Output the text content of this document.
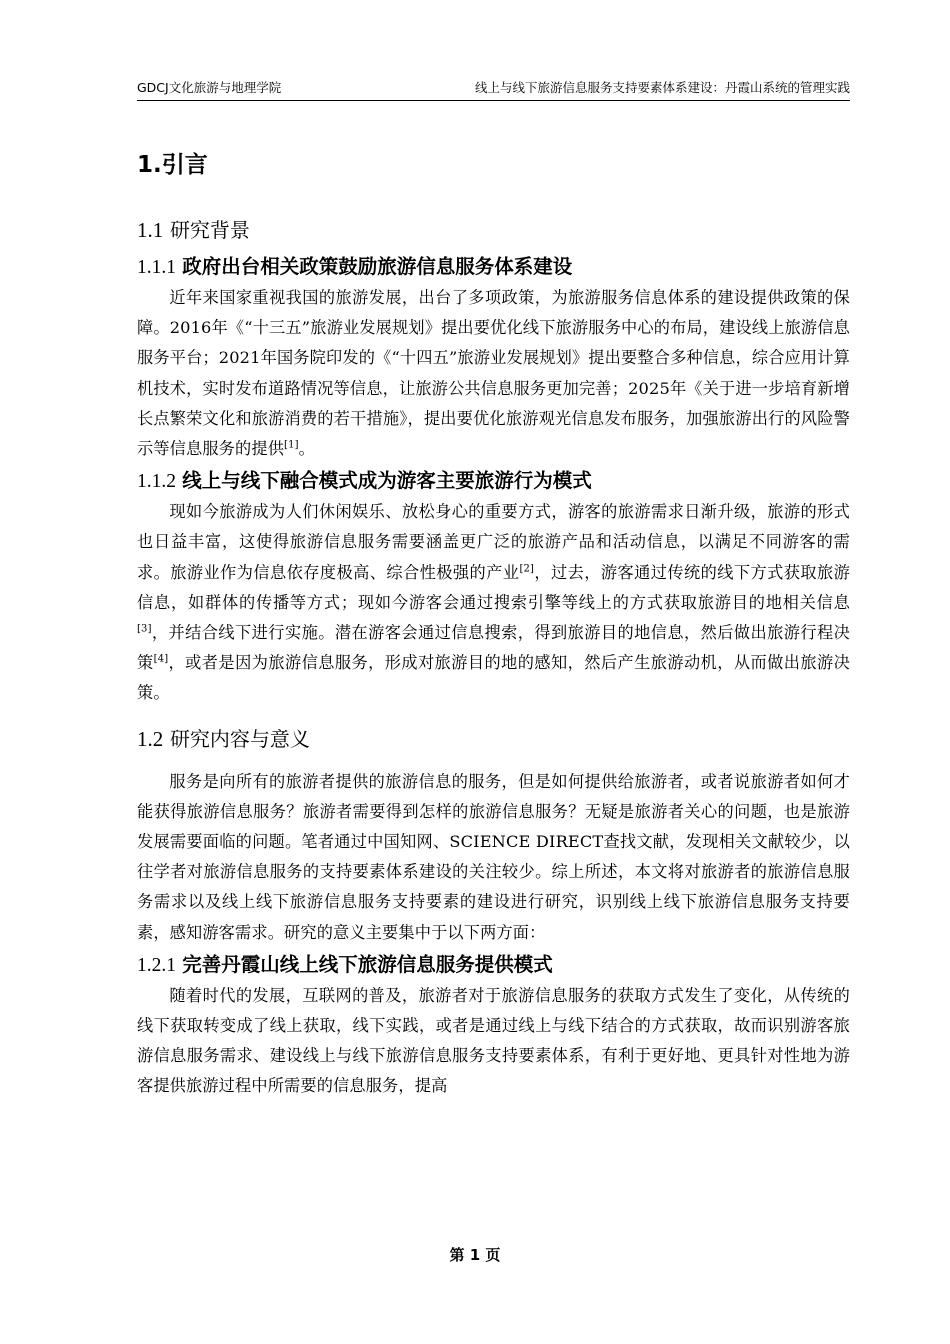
GDCJ文化旅游与地理学院	线上与线下旅游信息服务支持要素体系建设：丹霞山系统的管理实践
1.引言
1.1 研究背景
1.1.1 政府出台相关政策鼓励旅游信息服务体系建设

近年来国家重视我国的旅游发展，出台了多项政策，为旅游服务信息体系的建设提供政策的保障。2016年《“十三五”旅游业发展规划》提出要优化线下旅游服务中心的布局，建设线上旅游信息服务平台；2021年国务院印发的《“十四五”旅游业发展规划》提出要整合多种信息，综合应用计算机技术，实时发布道路情况等信息，让旅游公共信息服务更加完善；2025年《关于进一步培育新增长点繁荣文化和旅游消费的若干措施》，提出要优化旅游观光信息发布服务，加强旅游出行的风险警示等信息服务的提供[1]。

1.1.2 线上与线下融合模式成为游客主要旅游行为模式

现如今旅游成为人们休闲娱乐、放松身心的重要方式，游客的旅游需求日渐升级，旅游的形式也日益丰富，这使得旅游信息服务需要涵盖更广泛的旅游产品和活动信息，以满足不同游客的需求。旅游业作为信息依存度极高、综合性极强的产业[2]，过去，游客通过传统的线下方式获取旅游信息，如群体的传播等方式；现如今游客会通过搜索引擎等线上的方式获取旅游目的地相关信息[3]，并结合线下进行实施。潜在游客会通过信息搜索，得到旅游目的地信息，然后做出旅游行程决策[4]，或者是因为旅游信息服务，形成对旅游目的地的感知，然后产生旅游动机，从而做出旅游决策。

1.2 研究内容与意义

服务是向所有的旅游者提供的旅游信息的服务，但是如何提供给旅游者，或者说旅游者如何才能获得旅游信息服务？旅游者需要得到怎样的旅游信息服务？无疑是旅游者关心的问题，也是旅游发展需要面临的问题。笔者通过中国知网、SCIENCE DIRECT查找文献，发现相关文献较少，以往学者对旅游信息服务的支持要素体系建设的关注较少。综上所述，本文将对旅游者的旅游信息服务需求以及线上线下旅游信息服务支持要素的建设进行研究，识别线上线下旅游信息服务支持要素，感知游客需求。研究的意义主要集中于以下两方面：

1.2.1 完善丹霞山线上线下旅游信息服务提供模式

随着时代的发展，互联网的普及，旅游者对于旅游信息服务的获取方式发生了变化，从传统的线下获取转变成了线上获取，线下实践，或者是通过线上与线下结合的方式获取，故而识别游客旅游信息服务需求、建设线上与线下旅游信息服务支持要素体系，有利于更好地、更具针对性地为游客提供旅游过程中所需要的信息服务，提高

第 1 页
